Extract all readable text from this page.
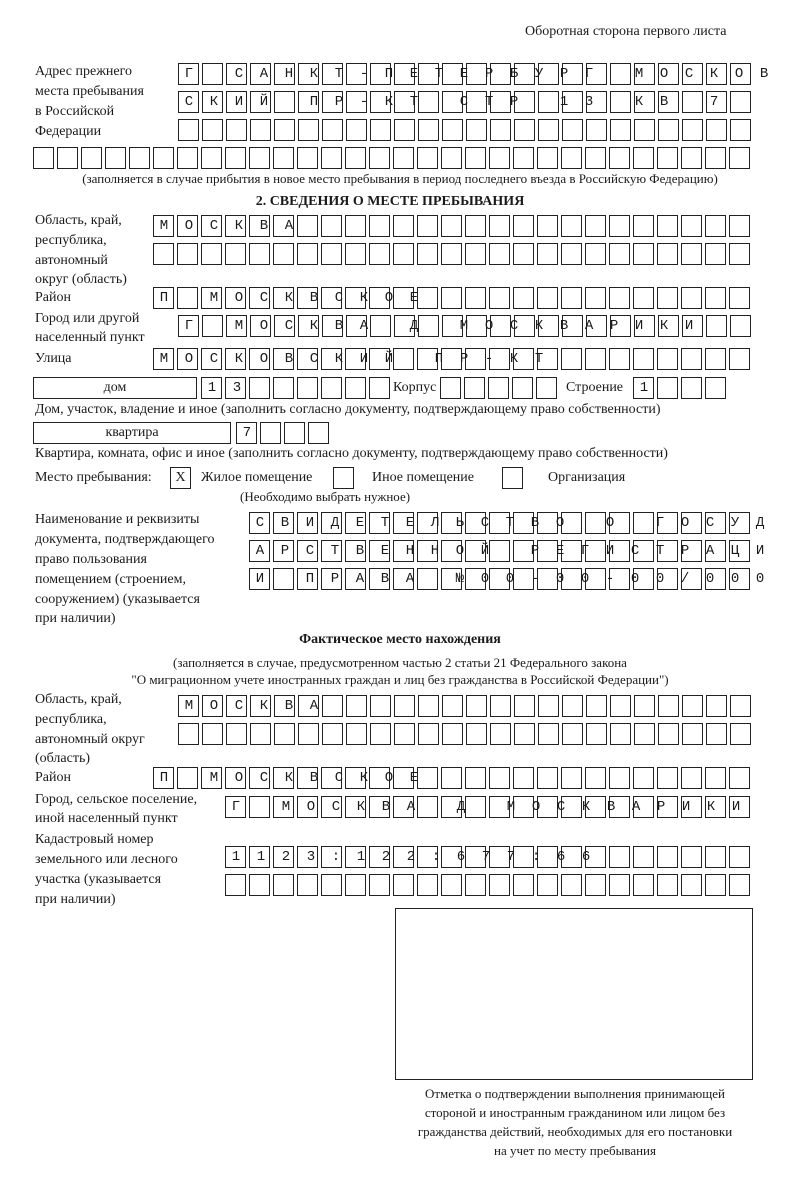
Оборотная сторона первого листа
Адрес прежнего
места пребывания
в Российской
Федерации
Г САНКТ-ПЕТЕРБУРГ МОСКОВ
СКИЙ ПР-КТ СТР 13 КВ 7
(заполняется в случае прибытия в новое место пребывания в период последнего въезда в Российскую Федерацию)
2. СВЕДЕНИЯ О МЕСТЕ ПРЕБЫВАНИЯ
Область, край,
республика,
автономный
округ (область)
МОСКВА
Район	П МОСКВСКОЕ
Город или другой
населенный пункт
Г МОСКВА Д МОСКВАРИКИ
Улица	МОСКОВСКИЙ ПР-КТ
дом	13	Корпус	Строение	1
Дом, участок, владение и иное (заполнить согласно документу, подтверждающему право собственности)
квартира	7
Квартира, комната, офис и иное (заполнить согласно документу, подтверждающему право собственности)
Место пребывания:	X	Жилое помещение	Иное помещение	Организация
(Необходимо выбрать нужное)
Наименование и реквизиты
документа, подтверждающего
право пользования
помещением (строением,
сооружением) (указывается
при наличии)
СВИДЕТЕЛЬСТВО О ГОСУД
АРСТВЕННОЙ РЕГИСТРАЦИ
И ПРАВА №00-00-00/000
Фактическое место нахождения
(заполняется в случае, предусмотренном частью 2 статьи 21 Федерального закона
"О миграционном учете иностранных граждан и лиц без гражданства в Российской Федерации")
Область, край,
республика,
автономный округ
(область)
МОСКВА
Район	П МОСКВСКОЕ
Город, сельское поселение,
иной населенный пункт
Г МОСКВА Д МОСКВАРИКИ
Кадастровый номер
земельного или лесного
участка (указывается
при наличии)
1123:122:677:66
Отметка о подтверждении выполнения принимающей
стороной и иностранным гражданином или лицом без
гражданства действий, необходимых для его постановки
на учет по месту пребывания
